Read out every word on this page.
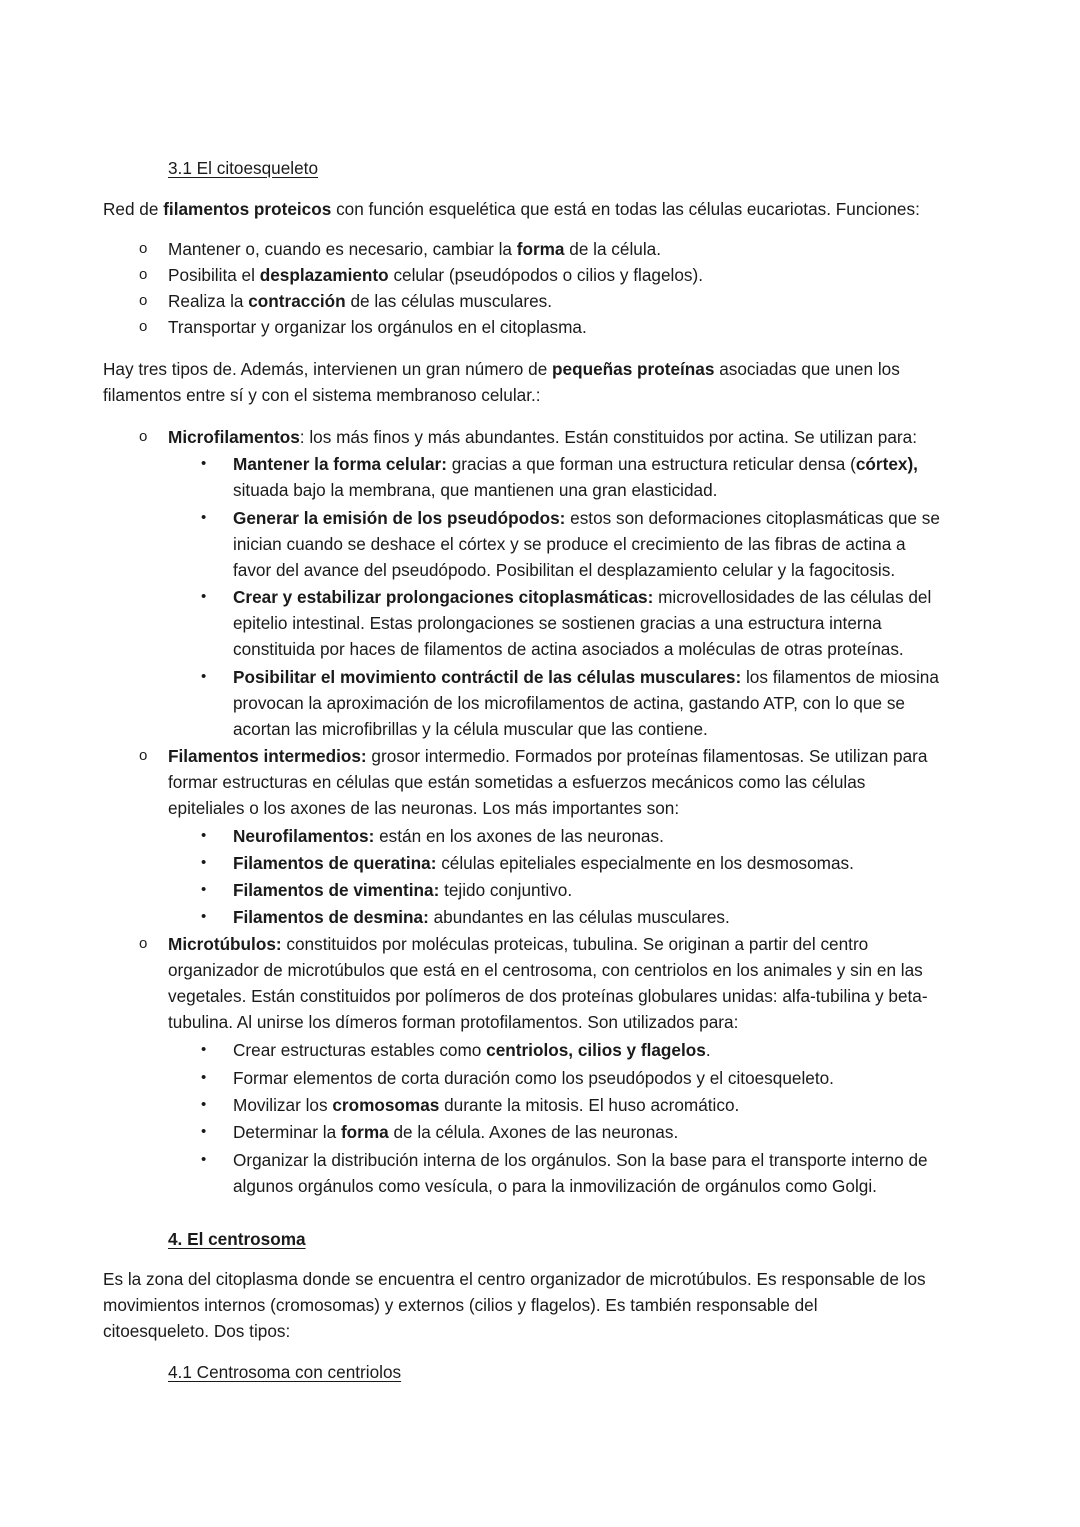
3.1 El citoesqueleto
Red de filamentos proteicos con función esquelética que está en todas las células eucariotas. Funciones:
o Mantener o, cuando es necesario, cambiar la forma de la célula.
o Posibilita el desplazamiento celular (pseudópodos o cilios y flagelos).
o Realiza la contracción de las células musculares.
o Transportar y organizar los orgánulos en el citoplasma.
Hay tres tipos de. Además, intervienen un gran número de pequeñas proteínas asociadas que unen los
filamentos entre sí y con el sistema membranoso celular.:
o Microfilamentos: los más finos y más abundantes. Están constituidos por actina. Se utilizan para:
• Mantener la forma celular: gracias a que forman una estructura reticular densa (córtex),
situada bajo la membrana, que mantienen una gran elasticidad.
• Generar la emisión de los pseudópodos: estos son deformaciones citoplasmáticas que se
inician cuando se deshace el córtex y se produce el crecimiento de las fibras de actina a
favor del avance del pseudópodo. Posibilitan el desplazamiento celular y la fagocitosis.
• Crear y estabilizar prolongaciones citoplasmáticas: microvellosidades de las células del
epitelio intestinal. Estas prolongaciones se sostienen gracias a una estructura interna
constituida por haces de filamentos de actina asociados a moléculas de otras proteínas.
• Posibilitar el movimiento contráctil de las células musculares: los filamentos de miosina
provocan la aproximación de los microfilamentos de actina, gastando ATP, con lo que se
acortan las microfibrillas y la célula muscular que las contiene.
o Filamentos intermedios: grosor intermedio. Formados por proteínas filamentosas. Se utilizan para
formar estructuras en células que están sometidas a esfuerzos mecánicos como las células
epiteliales o los axones de las neuronas. Los más importantes son:
• Neurofilamentos: están en los axones de las neuronas.
• Filamentos de queratina: células epiteliales especialmente en los desmosomas.
• Filamentos de vimentina: tejido conjuntivo.
• Filamentos de desmina: abundantes en las células musculares.
o Microtúbulos: constituidos por moléculas proteicas, tubulina. Se originan a partir del centro
organizador de microtúbulos que está en el centrosoma, con centriolos en los animales y sin en las
vegetales. Están constituidos por polímeros de dos proteínas globulares unidas: alfa-tubilina y beta-
tubulina. Al unirse los dímeros forman protofilamentos. Son utilizados para:
• Crear estructuras estables como centriolos, cilios y flagelos.
• Formar elementos de corta duración como los pseudópodos y el citoesqueleto.
• Movilizar los cromosomas durante la mitosis. El huso acromático.
• Determinar la forma de la célula. Axones de las neuronas.
• Organizar la distribución interna de los orgánulos. Son la base para el transporte interno de
algunos orgánulos como vesícula, o para la inmovilización de orgánulos como Golgi.
4. El centrosoma
Es la zona del citoplasma donde se encuentra el centro organizador de microtúbulos. Es responsable de los
movimientos internos (cromosomas) y externos (cilios y flagelos). Es también responsable del
citoesqueleto. Dos tipos:
4.1 Centrosoma con centriolos
